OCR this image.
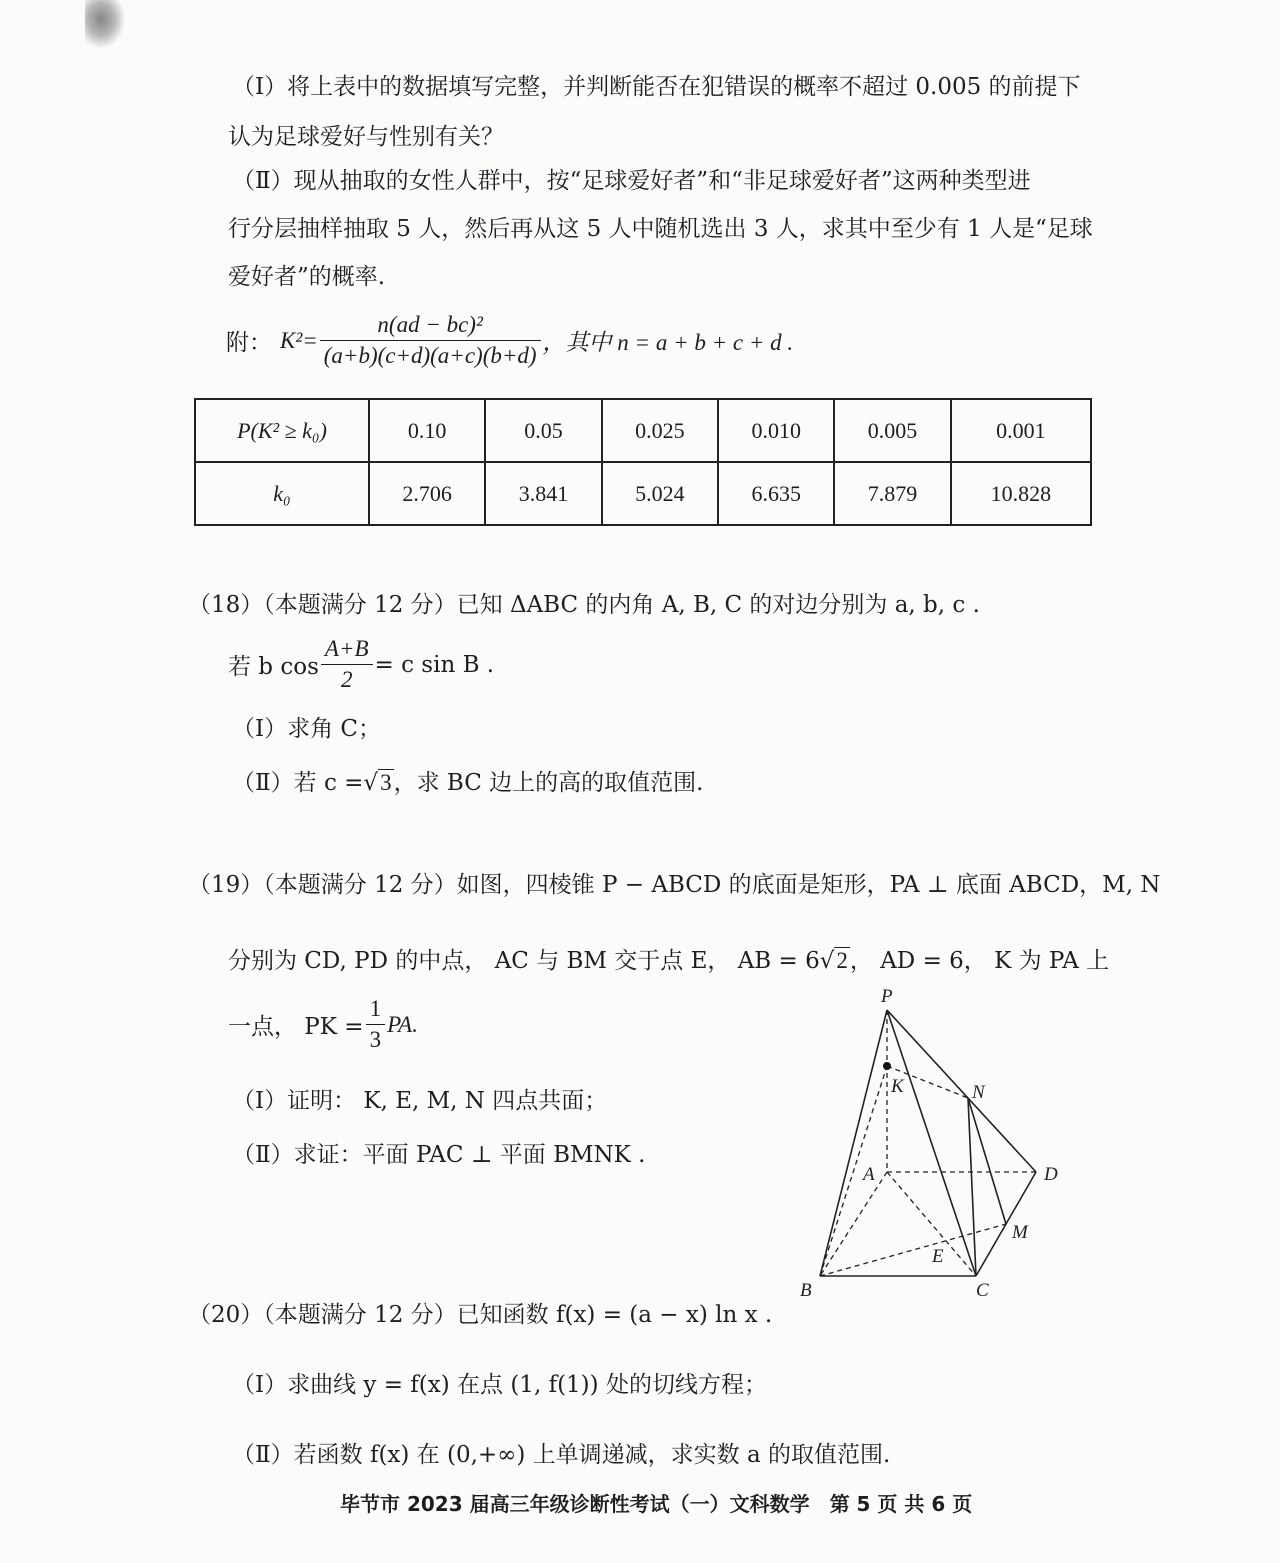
（Ⅰ）将上表中的数据填写完整，并判断能否在犯错误的概率不超过 0.005 的前提下
认为足球爱好与性别有关？
（Ⅱ）现从抽取的女性人群中，按“足球爱好者”和“非足球爱好者”这两种类型进
行分层抽样抽取 5 人，然后再从这 5 人中随机选出 3 人，求其中至少有 1 人是“足球
爱好者”的概率.
附： $K^2= \frac{\text{n(ad − bc)²}}{(a+b)(c+d)(a+c)(b+d)}$ ，其中 n = a + b + c + d .
P(K² ≥ k₀)	0.10	0.05	0.025	0.010	0.005	0.001
k₀	2.706	3.841	5.024	6.635	7.879	10.828
（18）（本题满分 12 分）已知 ΔABC 的内角 A, B, C 的对边分别为 a, b, c .
若 b $\cos \frac{A+B}{2} = c$ sin B .
（Ⅰ）求角 C；
（Ⅱ）若 c =√3，求 BC 边上的高的取值范围.
（19）（本题满分 12 分）如图，四棱锥 P − ABCD 的底面是矩形，PA ⊥ 底面 ABCD，M, N
分别为 CD, PD 的中点， AC 与 BM 交于点 E， AB = 6√2， AD = 6， K 为 PA 上
一点， PK = $\frac{1}{3}$ PA.
（Ⅰ）证明： K, E, M, N 四点共面；
（Ⅱ）求证：平面 PAC ⊥ 平面 BMNK .
P
K	N
A	D
M
E
B	C
（20）（本题满分 12 分）已知函数 f(x) = (a − x) ln x .
（Ⅰ）求曲线 y = f(x) 在点 (1, f(1)) 处的切线方程；
（Ⅱ）若函数 f(x) 在 (0,+∞) 上单调递减，求实数 a 的取值范围.
毕节市 2023 届高三年级诊断性考试（一）文科数学　第 5 页 共 6 页
